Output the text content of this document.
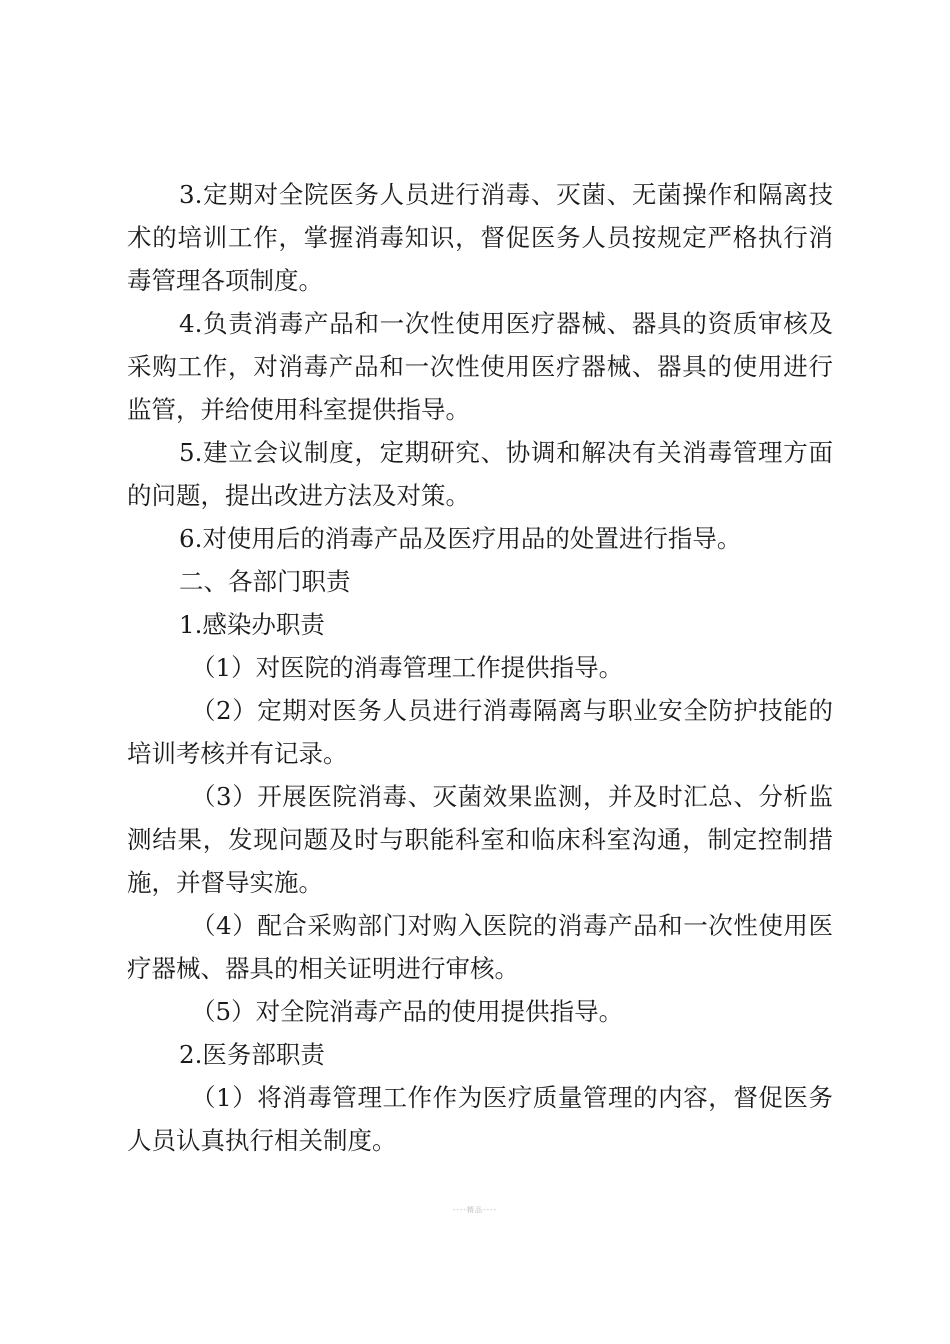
3.定期对全院医务人员进行消毒、灭菌、无菌操作和隔离技术的培训工作，掌握消毒知识，督促医务人员按规定严格执行消毒管理各项制度。

4.负责消毒产品和一次性使用医疗器械、器具的资质审核及采购工作，对消毒产品和一次性使用医疗器械、器具的使用进行监管，并给使用科室提供指导。

5.建立会议制度，定期研究、协调和解决有关消毒管理方面的问题，提出改进方法及对策。

6.对使用后的消毒产品及医疗用品的处置进行指导。

二、各部门职责

1.感染办职责

（1）对医院的消毒管理工作提供指导。

（2）定期对医务人员进行消毒隔离与职业安全防护技能的培训考核并有记录。

（3）开展医院消毒、灭菌效果监测，并及时汇总、分析监测结果，发现问题及时与职能科室和临床科室沟通，制定控制措施，并督导实施。

（4）配合采购部门对购入医院的消毒产品和一次性使用医疗器械、器具的相关证明进行审核。

（5）对全院消毒产品的使用提供指导。

2.医务部职责

（1）将消毒管理工作作为医疗质量管理的内容，督促医务人员认真执行相关制度。

----精品----
